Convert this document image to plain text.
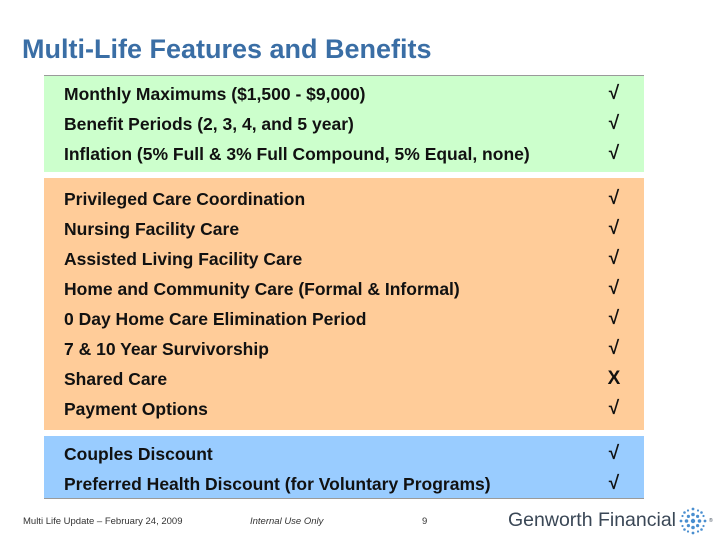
Multi-Life Features and Benefits
Monthly Maximums ($1,500 - $9,000)	√
Benefit Periods (2, 3, 4, and 5 year)	√
Inflation (5% Full & 3% Full Compound, 5% Equal, none)	√
Privileged Care Coordination	√
Nursing Facility Care	√
Assisted Living Facility Care	√
Home and Community Care (Formal & Informal)	√
0 Day Home Care Elimination Period	√
7 & 10 Year Survivorship	√
Shared Care	X
Payment Options	√
Couples Discount	√
Preferred Health Discount (for Voluntary Programs)	√
Multi Life Update – February 24, 2009	Internal Use Only	9	Genworth Financial	®
